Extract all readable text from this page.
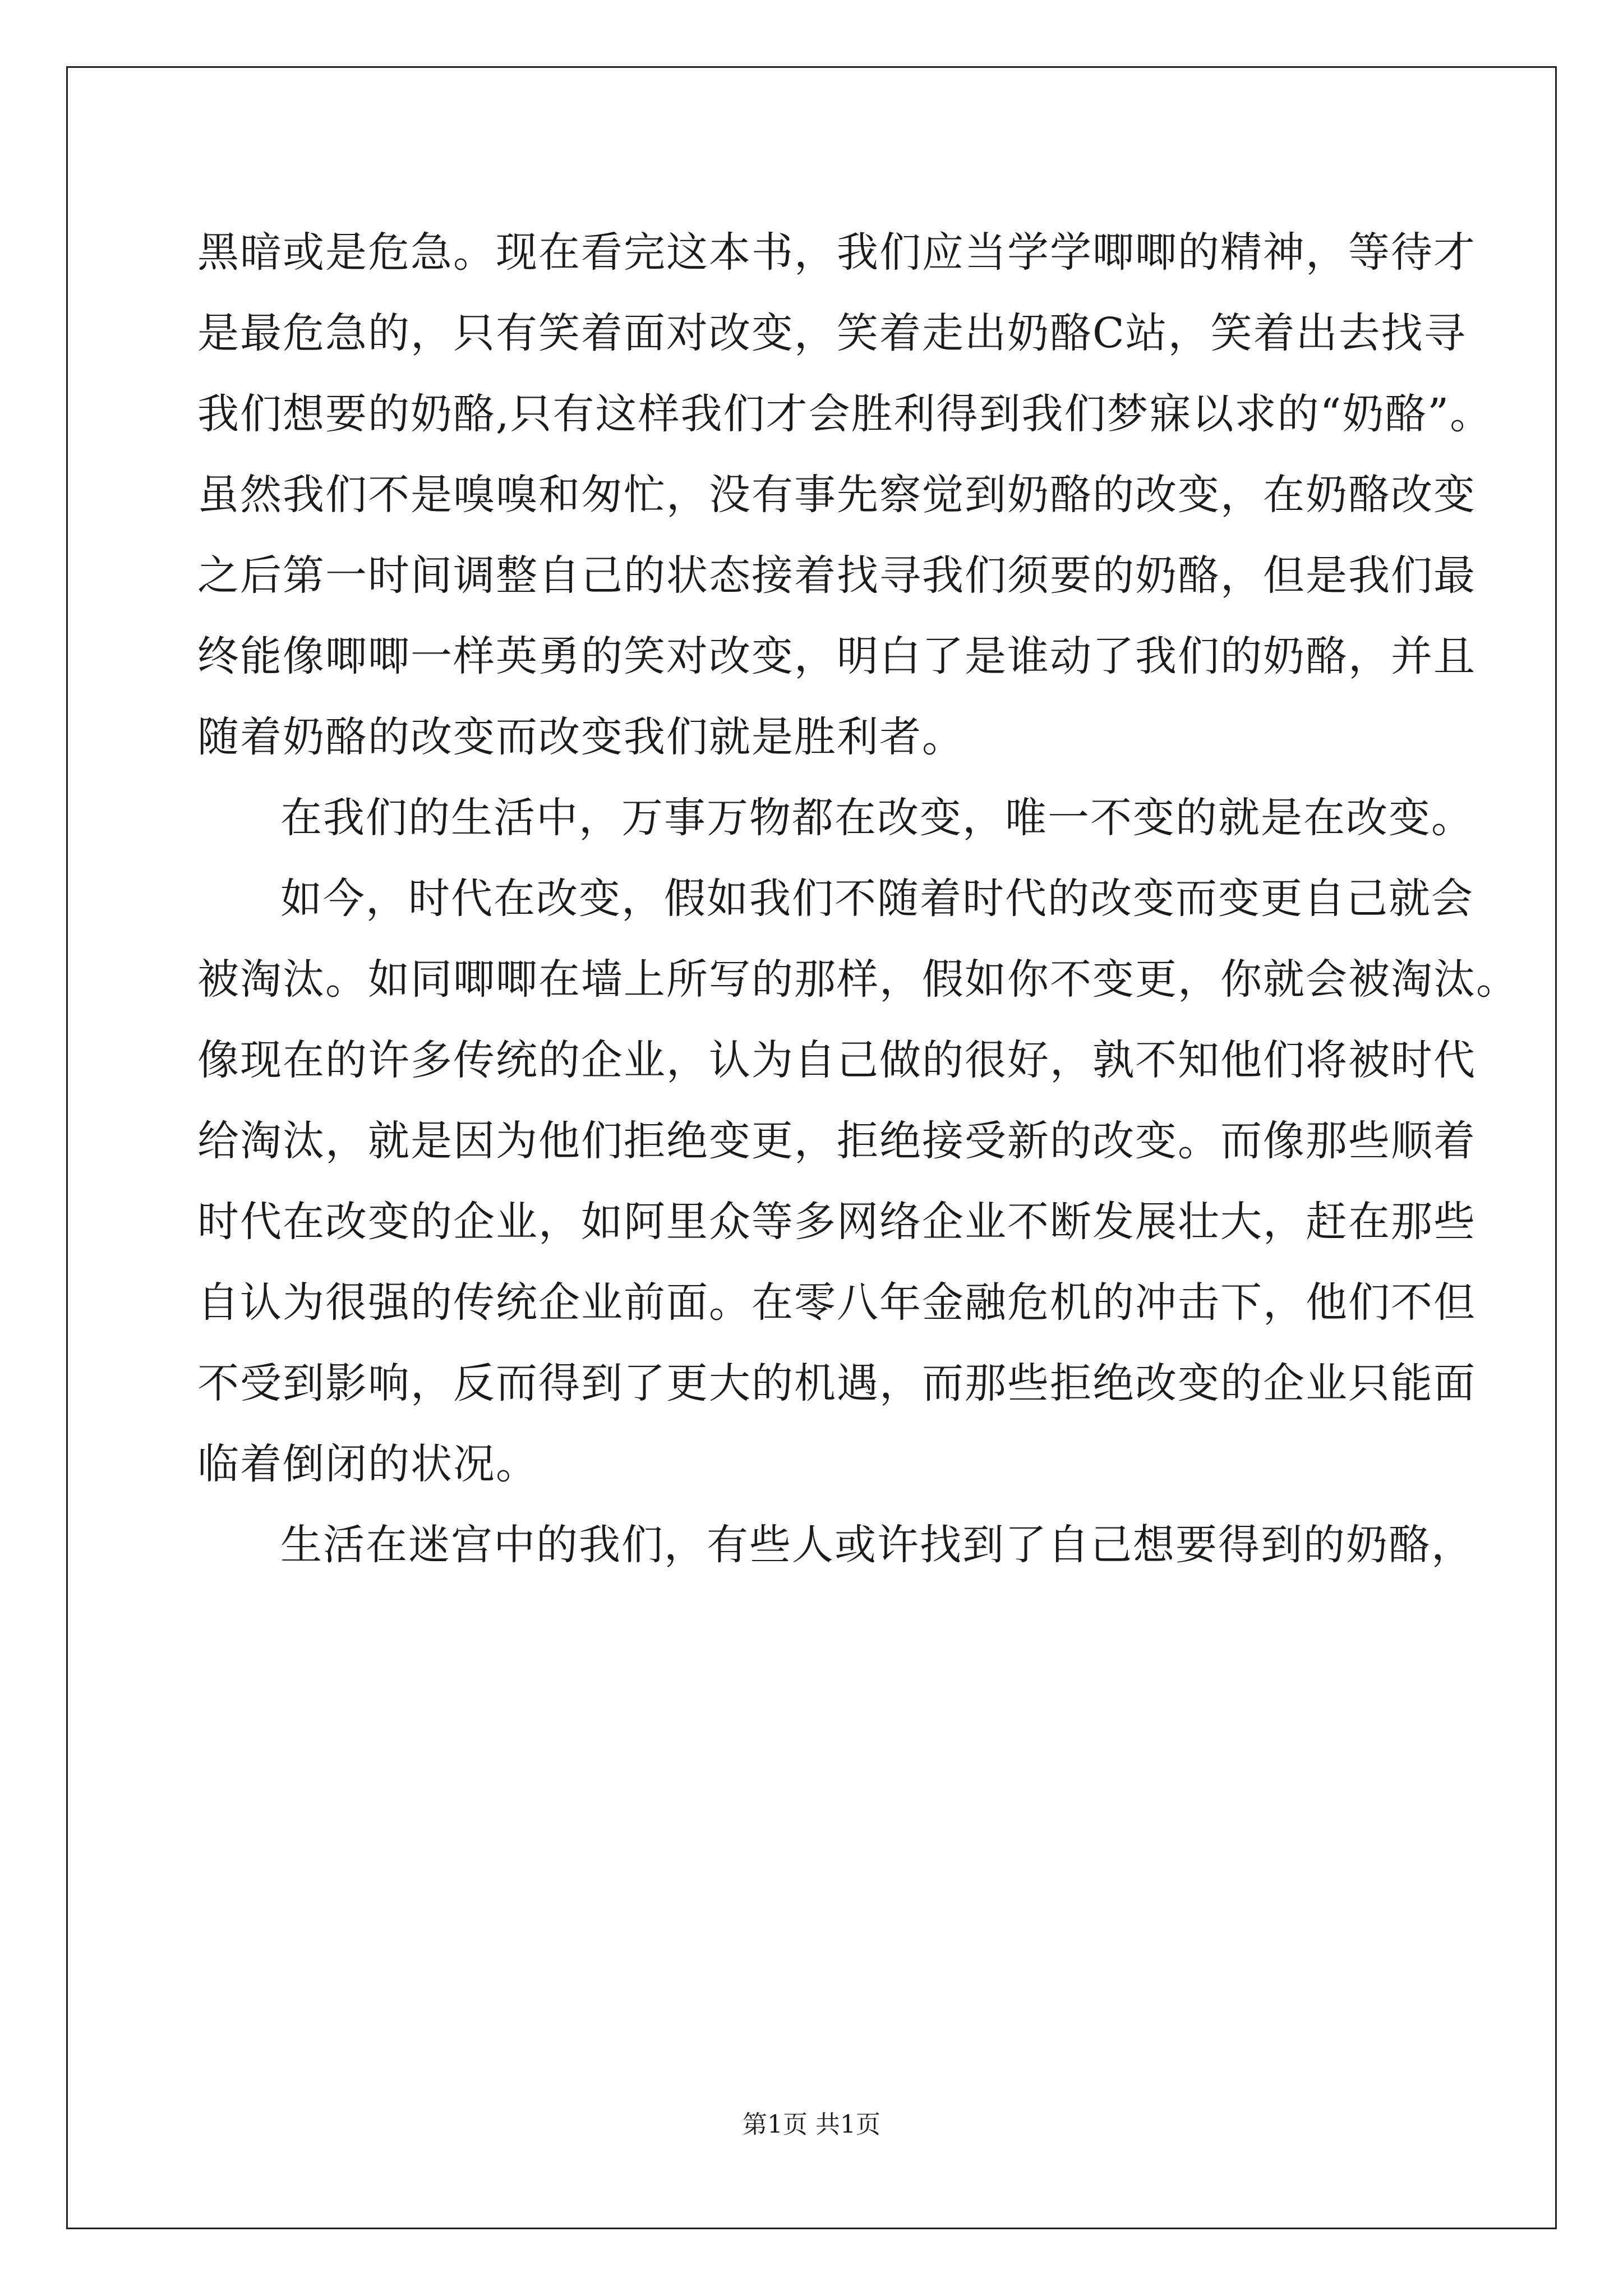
黑暗或是危急。现在看完这本书，我们应当学学唧唧的精神，等待才
是最危急的，只有笑着面对改变，笑着走出奶酪C站，笑着出去找寻
我们想要的奶酪,只有这样我们才会胜利得到我们梦寐以求的“奶酪”。
虽然我们不是嗅嗅和匆忙，没有事先察觉到奶酪的改变，在奶酪改变
之后第一时间调整自己的状态接着找寻我们须要的奶酪，但是我们最
终能像唧唧一样英勇的笑对改变，明白了是谁动了我们的奶酪，并且
随着奶酪的改变而改变我们就是胜利者。
在我们的生活中，万事万物都在改变，唯一不变的就是在改变。
如今，时代在改变，假如我们不随着时代的改变而变更自己就会
被淘汰。如同唧唧在墙上所写的那样，假如你不变更，你就会被淘汰。
像现在的许多传统的企业，认为自己做的很好，孰不知他们将被时代
给淘汰，就是因为他们拒绝变更，拒绝接受新的改变。而像那些顺着
时代在改变的企业，如阿里众等多网络企业不断发展壮大，赶在那些
自认为很强的传统企业前面。在零八年金融危机的冲击下，他们不但
不受到影响，反而得到了更大的机遇，而那些拒绝改变的企业只能面
临着倒闭的状况。
生活在迷宫中的我们，有些人或许找到了自己想要得到的奶酪，
第1页 共1页
